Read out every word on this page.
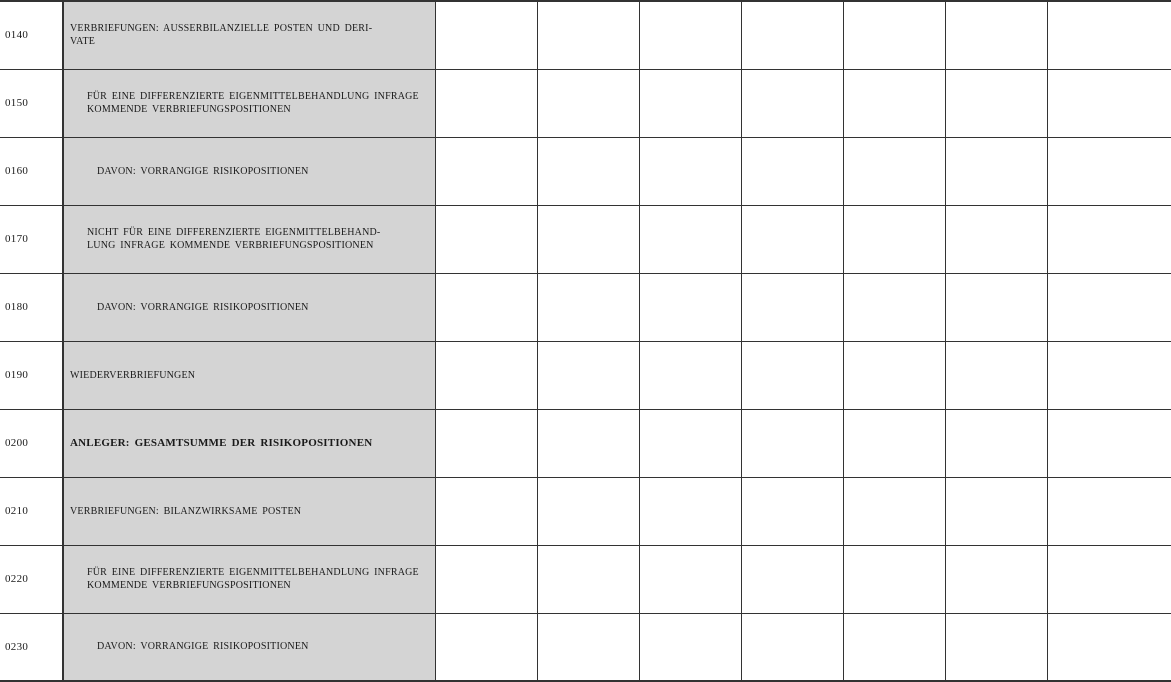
0140	VERBRIEFUNGEN: AUSSERBILANZIELLE POSTEN UND DERI-
VATE							

0150	FÜR EINE DIFFERENZIERTE EIGENMITTELBEHANDLUNG INFRAGE KOMMENDE VERBRIEFUNGSPOSITIONEN							

0160	DAVON: VORRANGIGE RISIKOPOSITIONEN							

0170	NICHT FÜR EINE DIFFERENZIERTE EIGENMITTELBEHAND-
LUNG INFRAGE KOMMENDE VERBRIEFUNGSPOSITIONEN							

0180	DAVON: VORRANGIGE RISIKOPOSITIONEN							

0190	WIEDERVERBRIEFUNGEN							

0200	ANLEGER: GESAMTSUMME DER RISIKOPOSITIONEN							

0210	VERBRIEFUNGEN: BILANZWIRKSAME POSTEN							

0220	FÜR EINE DIFFERENZIERTE EIGENMITTELBEHANDLUNG INFRAGE KOMMENDE VERBRIEFUNGSPOSITIONEN							

0230	DAVON: VORRANGIGE RISIKOPOSITIONEN							
